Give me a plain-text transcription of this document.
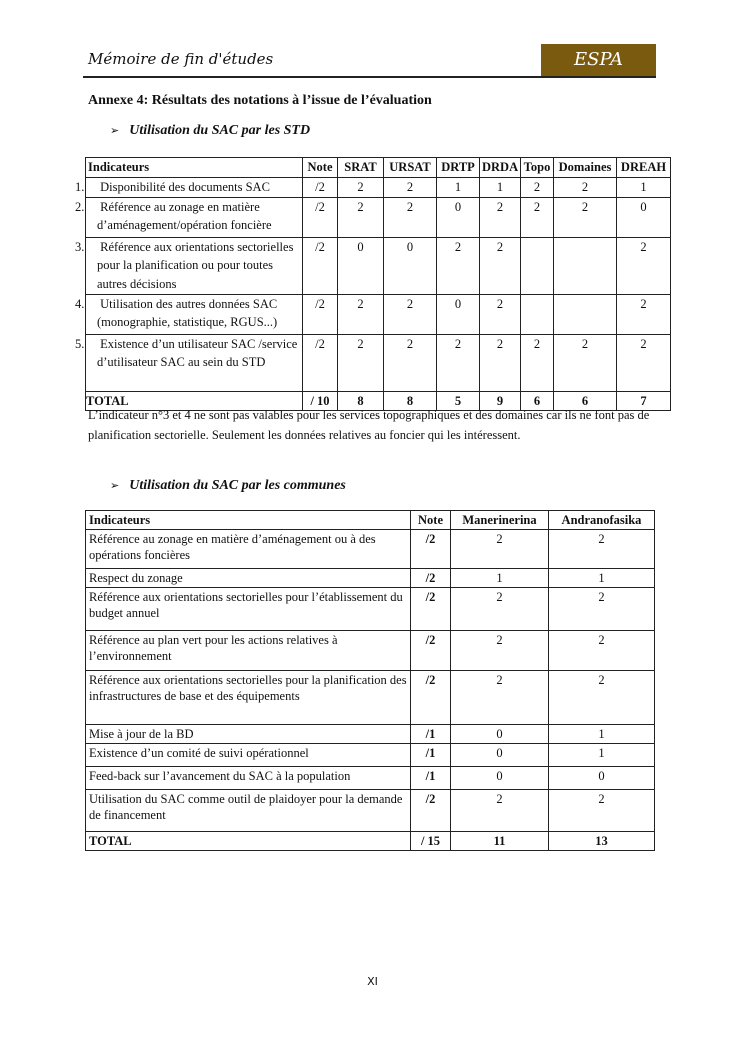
Mémoire de fin d'études	ESPA
Annexe 4: Résultats des notations à l’issue de l’évaluation
➢ Utilisation du SAC par les STD
Indicateurs	Note	SRAT	URSAT	DRTP	DRDA	Topo	Domaines	DREAH
1. Disponibilité des documents SAC	/2	2	2	1	1	2	2	1
2. Référence au zonage en matière d’aménagement/opération foncière	/2	2	2	0	2	2	2	0
3. Référence aux orientations sectorielles pour la planification ou pour toutes autres décisions	/2	0	0	2	2			2
4. Utilisation des autres données SAC (monographie, statistique, RGUS...)	/2	2	2	0	2			2
5. Existence d’un utilisateur SAC /service d’utilisateur SAC au sein du STD	/2	2	2	2	2	2	2	2
TOTAL	/ 10	8	8	5	9	6	6	7
L’indicateur n°3 et 4 ne sont pas valables pour les services topographiques et des domaines car ils ne font pas de planification sectorielle. Seulement les données relatives au foncier qui les intéressent.
➢ Utilisation du SAC par les communes
Indicateurs	Note	Manerinerina	Andranofasika
Référence au zonage en matière d’aménagement ou à des opérations foncières	/2	2	2
Respect du zonage	/2	1	1
Référence aux orientations sectorielles pour l’établissement du budget annuel	/2	2	2
Référence au plan vert pour les actions relatives à l’environnement	/2	2	2
Référence aux orientations sectorielles pour la planification des infrastructures de base et des équipements	/2	2	2
Mise à jour de la BD	/1	0	1
Existence d’un comité de suivi opérationnel	/1	0	1
Feed-back sur l’avancement du SAC à la population	/1	0	0
Utilisation du SAC comme outil de plaidoyer pour la demande de financement	/2	2	2
TOTAL	/ 15	11	13
XI
